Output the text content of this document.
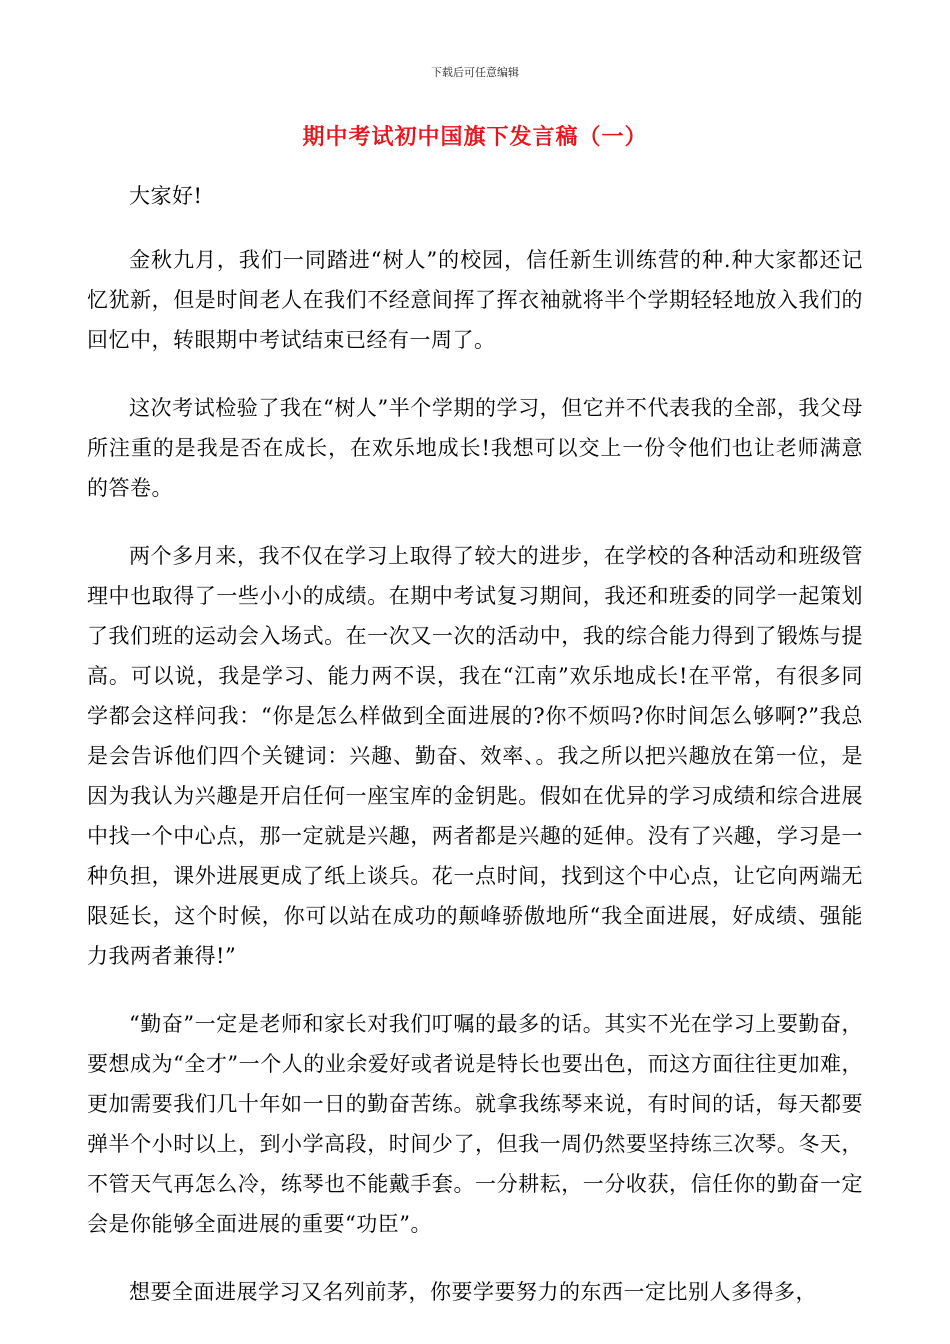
下载后可任意编辑
期中考试初中国旗下发言稿（一）

大家好!

金秋九月，我们一同踏进“树人”的校园，信任新生训练营的种.种大家都还记忆犹新，但是时间老人在我们不经意间挥了挥衣袖就将半个学期轻轻地放入我们的回忆中，转眼期中考试结束已经有一周了。

这次考试检验了我在“树人”半个学期的学习，但它并不代表我的全部，我父母所注重的是我是否在成长，在欢乐地成长!我想可以交上一份令他们也让老师满意的答卷。

两个多月来，我不仅在学习上取得了较大的进步，在学校的各种活动和班级管理中也取得了一些小小的成绩。在期中考试复习期间，我还和班委的同学一起策划了我们班的运动会入场式。在一次又一次的活动中，我的综合能力得到了锻炼与提高。可以说，我是学习、能力两不误，我在“江南”欢乐地成长!在平常，有很多同学都会这样问我：“你是怎么样做到全面进展的?你不烦吗?你时间怎么够啊?”我总是会告诉他们四个关键词：兴趣、勤奋、效率、。我之所以把兴趣放在第一位，是因为我认为兴趣是开启任何一座宝库的金钥匙。假如在优异的学习成绩和综合进展中找一个中心点，那一定就是兴趣，两者都是兴趣的延伸。没有了兴趣，学习是一种负担，课外进展更成了纸上谈兵。花一点时间，找到这个中心点，让它向两端无限延长，这个时候，你可以站在成功的颠峰骄傲地所“我全面进展，好成绩、强能力我两者兼得!”

“勤奋”一定是老师和家长对我们叮嘱的最多的话。其实不光在学习上要勤奋，要想成为“全才”一个人的业余爱好或者说是特长也要出色，而这方面往往更加难，更加需要我们几十年如一日的勤奋苦练。就拿我练琴来说，有时间的话，每天都要弹半个小时以上，到小学高段，时间少了，但我一周仍然要坚持练三次琴。冬天，不管天气再怎么冷，练琴也不能戴手套。一分耕耘，一分收获，信任你的勤奋一定会是你能够全面进展的重要“功臣”。

想要全面进展学习又名列前茅，你要学要努力的东西一定比别人多得多，
